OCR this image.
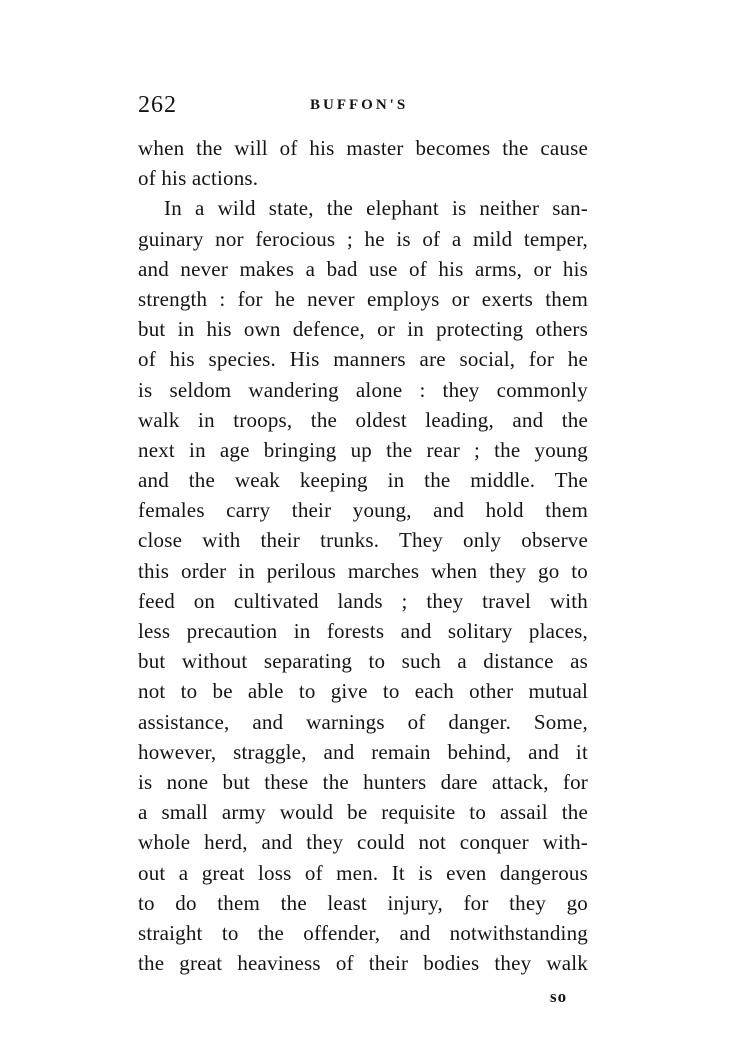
262	BUFFON'S
when the will of his master becomes the cause
of his actions.
In a wild state, the elephant is neither san-
guinary nor ferocious ; he is of a mild temper,
and never makes a bad use of his arms, or his
strength : for he never employs or exerts them
but in his own defence, or in protecting others
of his species. His manners are social, for he
is seldom wandering alone : they commonly
walk in troops, the oldest leading, and the
next in age bringing up the rear ; the young
and the weak keeping in the middle. The
females carry their young, and hold them
close with their trunks. They only observe
this order in perilous marches when they go to
feed on cultivated lands ; they travel with
less precaution in forests and solitary places,
but without separating to such a distance as
not to be able to give to each other mutual
assistance, and warnings of danger. Some,
however, straggle, and remain behind, and it
is none but these the hunters dare attack, for
a small army would be requisite to assail the
whole herd, and they could not conquer with-
out a great loss of men. It is even dangerous
to do them the least injury, for they go
straight to the offender, and notwithstanding
the great heaviness of their bodies they walk
so
